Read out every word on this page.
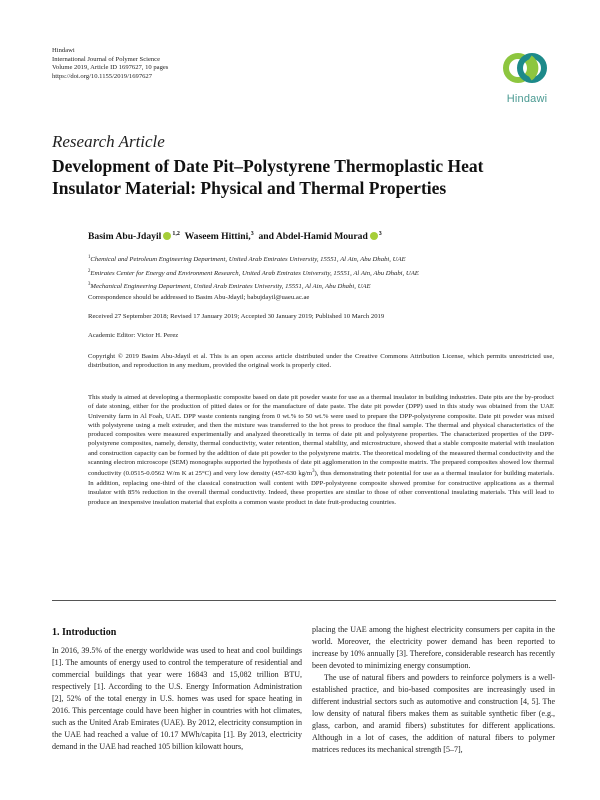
Hindawi
International Journal of Polymer Science
Volume 2019, Article ID 1697627, 10 pages
https://doi.org/10.1155/2019/1697627
Hindawi
Research Article
Development of Date Pit–Polystyrene Thermoplastic Heat Insulator Material: Physical and Thermal Properties
Basim Abu-Jdayil $^{1,2}$ Waseem Hittini,$^3$ and Abdel-Hamid Mourad $^3$
$^1$Chemical and Petroleum Engineering Department, United Arab Emirates University, 15551, Al Ain, Abu Dhabi, UAE
$^2$Emirates Center for Energy and Environment Research, United Arab Emirates University, 15551, Al Ain, Abu Dhabi, UAE
$^3$Mechanical Engineering Department, United Arab Emirates University, 15551, Al Ain, Abu Dhabi, UAE
Correspondence should be addressed to Basim Abu-Jdayil; babujdayil@uaeu.ac.ae
Received 27 September 2018; Revised 17 January 2019; Accepted 30 January 2019; Published 10 March 2019
Academic Editor: Victor H. Perez
Copyright © 2019 Basim Abu-Jdayil et al. This is an open access article distributed under the Creative Commons Attribution License, which permits unrestricted use, distribution, and reproduction in any medium, provided the original work is properly cited.
This study is aimed at developing a thermoplastic composite based on date pit powder waste for use as a thermal insulator in building industries. Date pits are the by-product of date stoning, either for the production of pitted dates or for the manufacture of date paste. The date pit powder (DPP) used in this study was obtained from the UAE University farm in Al Foah, UAE. DPP waste contents ranging from 0 wt.% to 50 wt.% were used to prepare the DPP-polystyrene composite. Date pit powder was mixed with polystyrene using a melt extruder, and then the mixture was transferred to the hot press to produce the final sample. The thermal and physical characteristics of the produced composites were measured experimentally and analyzed theoretically in terms of date pit and polystyrene properties. The characterized properties of the DPP-polystyrene composites, namely, density, thermal conductivity, water retention, thermal stability, and microstructure, showed that a stable composite material with insulation and construction capacity can be formed by the addition of date pit powder to the polystyrene matrix. The theoretical modeling of the measured thermal conductivity and the scanning electron microscope (SEM) monographs supported the hypothesis of date pit agglomeration in the composite matrix. The prepared composites showed low thermal conductivity (0.0515-0.0562 W/m K at 25°C) and very low density (457-630 $kg/m^3$), thus demonstrating their potential for use as a thermal insulator for building materials. In addition, replacing one-third of the classical construction wall content with DPP-polystyrene composite showed promise for constructive applications as a thermal insulator with 85% reduction in the overall thermal conductivity. Indeed, these properties are similar to those of other conventional insulating materials. This will lead to produce an inexpensive insulation material that exploits a common waste product in date fruit-producing countries.
1. Introduction
In 2016, 39.5% of the energy worldwide was used to heat and cool buildings [1]. The amounts of energy used to control the temperature of residential and commercial buildings that year were 16843 and 15,082 trillion BTU, respectively [1]. According to the U.S. Energy Information Administration [2], 52% of the total energy in U.S. homes was used for space heating in 2016. This percentage could have been higher in countries with hot climates, such as the United Arab Emirates (UAE). By 2012, electricity consumption in the UAE had reached a value of 10.17 MWh/capita [1]. By 2013, electricity demand in the UAE had reached 105 billion kilowatt hours,

placing the UAE among the highest electricity consumers per capita in the world. Moreover, the electricity power demand has been reported to increase by 10% annually [3]. Therefore, considerable research has recently been devoted to minimizing energy consumption.

The use of natural fibers and powders to reinforce polymers is a well-established practice, and bio-based composites are increasingly used in different industrial sectors such as automotive and construction [4, 5]. The low density of natural fibers makes them as suitable synthetic fiber (e.g., glass, carbon, and aramid fibers) substitutes for different applications. Although in a lot of cases, the addition of natural fibers to polymer matrices reduces its mechanical strength [5–7],
